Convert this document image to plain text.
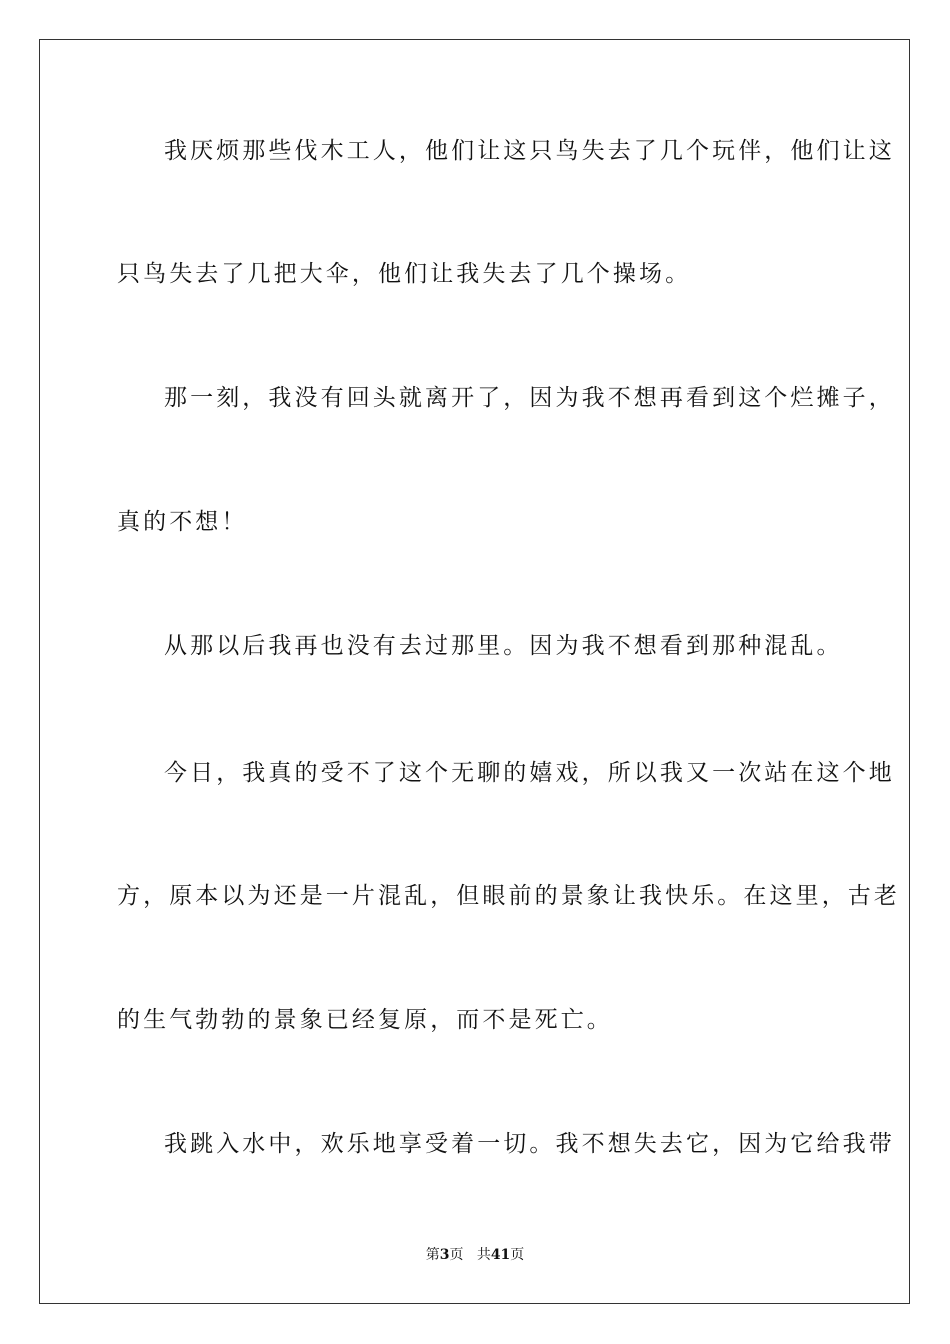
我厌烦那些伐木工人，他们让这只鸟失去了几个玩伴，他们让这

只鸟失去了几把大伞，他们让我失去了几个操场。

那一刻，我没有回头就离开了，因为我不想再看到这个烂摊子，

真的不想！

从那以后我再也没有去过那里。因为我不想看到那种混乱。

今日，我真的受不了这个无聊的嬉戏，所以我又一次站在这个地

方，原本以为还是一片混乱，但眼前的景象让我快乐。在这里，古老

的生气勃勃的景象已经复原，而不是死亡。

我跳入水中，欢乐地享受着一切。我不想失去它，因为它给我带

第3页 共41页
